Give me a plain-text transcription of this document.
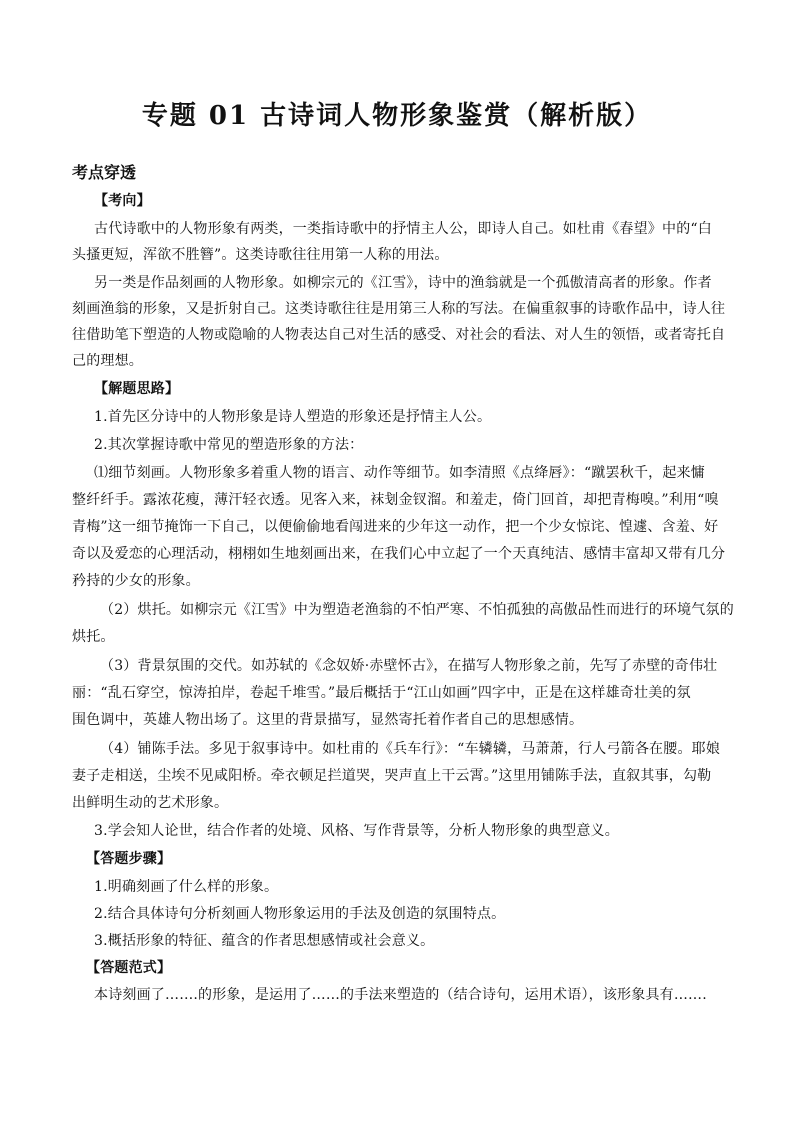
专题 01 古诗词人物形象鉴赏（解析版）
考点穿透
【考向】
古代诗歌中的人物形象有两类，一类指诗歌中的抒情主人公，即诗人自己。如杜甫《春望》中的“白
头搔更短，浑欲不胜簪”。这类诗歌往往用第一人称的用法。
另一类是作品刻画的人物形象。如柳宗元的《江雪》，诗中的渔翁就是一个孤傲清高者的形象。作者
刻画渔翁的形象，又是折射自己。这类诗歌往往是用第三人称的写法。在偏重叙事的诗歌作品中，诗人往
往借助笔下塑造的人物或隐喻的人物表达自己对生活的感受、对社会的看法、对人生的领悟，或者寄托自
己的理想。
【解题思路】
1.首先区分诗中的人物形象是诗人塑造的形象还是抒情主人公。
2.其次掌握诗歌中常见的塑造形象的方法：
⑴细节刻画。人物形象多着重人物的语言、动作等细节。如李清照《点绛唇》：“蹴罢秋千，起来慵
整纤纤手。露浓花瘦，薄汗轻衣透。见客入来，袜刬金钗溜。和羞走，倚门回首，却把青梅嗅。”利用“嗅
青梅”这一细节掩饰一下自己，以便偷偷地看闯进来的少年这一动作，把一个少女惊诧、惶遽、含羞、好
奇以及爱恋的心理活动，栩栩如生地刻画出来，在我们心中立起了一个天真纯洁、感情丰富却又带有几分
矜持的少女的形象。
（2）烘托。如柳宗元《江雪》中为塑造老渔翁的不怕严寒、不怕孤独的高傲品性而进行的环境气氛的
烘托。
（3）背景氛围的交代。如苏轼的《念奴娇·赤壁怀古》，在描写人物形象之前，先写了赤壁的奇伟壮
丽：“乱石穿空，惊涛拍岸，卷起千堆雪。”最后概括于“江山如画”四字中，正是在这样雄奇壮美的氛
围色调中，英雄人物出场了。这里的背景描写，显然寄托着作者自己的思想感情。
（4）铺陈手法。多见于叙事诗中。如杜甫的《兵车行》：“车辚辚，马萧萧，行人弓箭各在腰。耶娘
妻子走相送，尘埃不见咸阳桥。牵衣顿足拦道哭，哭声直上干云霄。”这里用铺陈手法，直叙其事，勾勒
出鲜明生动的艺术形象。
3.学会知人论世，结合作者的处境、风格、写作背景等，分析人物形象的典型意义。
【答题步骤】
1.明确刻画了什么样的形象。
2.结合具体诗句分析刻画人物形象运用的手法及创造的氛围特点。
3.概括形象的特征、蕴含的作者思想感情或社会意义。
【答题范式】
本诗刻画了…….的形象，是运用了……的手法来塑造的（结合诗句，运用术语），该形象具有…….
